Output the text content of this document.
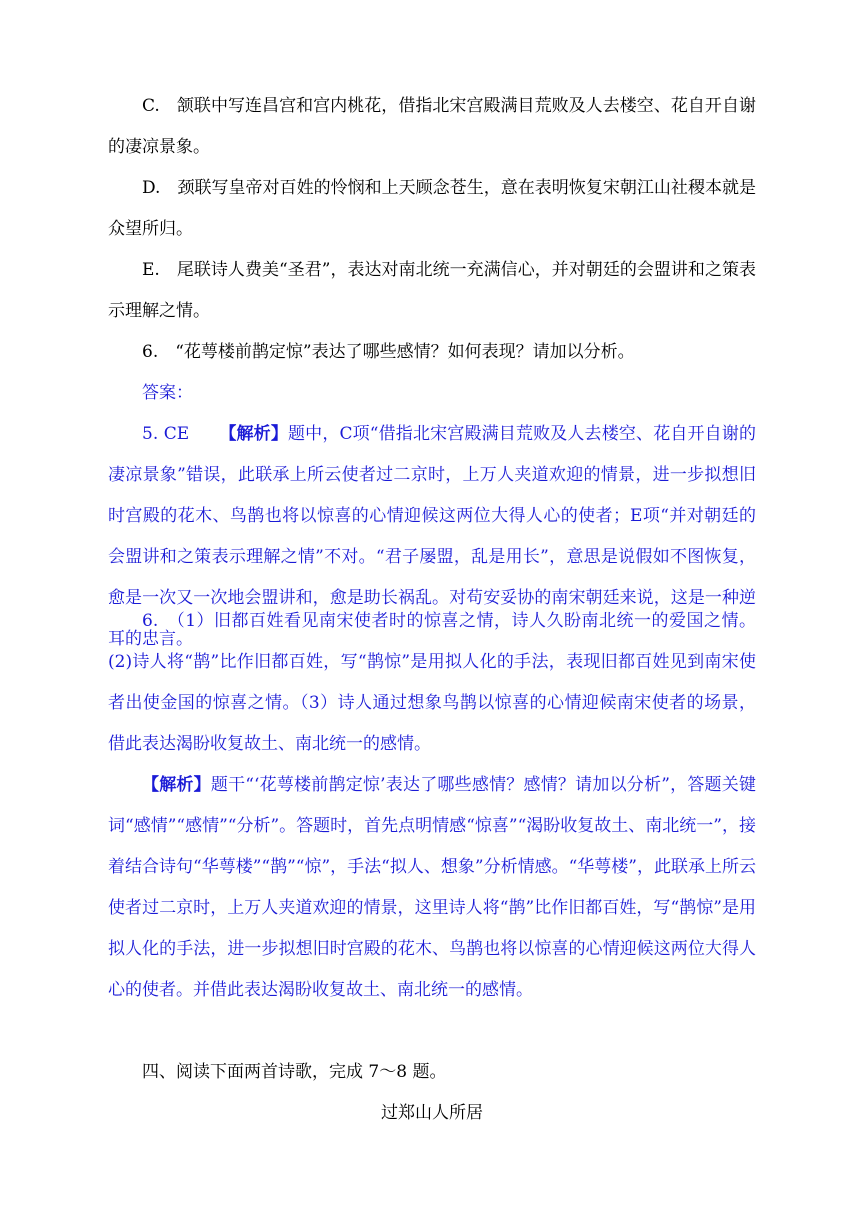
C.　颔联中写连昌宫和宫内桃花，借指北宋宫殿满目荒败及人去楼空、花自开自谢的凄凉景象。

D.　颈联写皇帝对百姓的怜悯和上天顾念苍生，意在表明恢复宋朝江山社稷本就是众望所归。

E.　尾联诗人费美“圣君”，表达对南北统一充满信心，并对朝廷的会盟讲和之策表示理解之情。

6.　“花萼楼前鹊定惊”表达了哪些感情？如何表现？请加以分析。

答案：

5. CE 【解析】题中，C项“借指北宋宫殿满目荒败及人去楼空、花自开自谢的凄凉景象”错误，此联承上所云使者过二京时，上万人夹道欢迎的情景，进一步拟想旧时宫殿的花木、鸟鹊也将以惊喜的心情迎候这两位大得人心的使者；E项“并对朝廷的会盟讲和之策表示理解之情”不对。“君子屡盟，乱是用长”，意思是说假如不图恢复，愈是一次又一次地会盟讲和，愈是助长祸乱。对苟安妥协的南宋朝廷来说，这是一种逆耳的忠言。

6.　（1）旧都百姓看见南宋使者时的惊喜之情，诗人久盼南北统一的爱国之情。(2)诗人将“鹊”比作旧都百姓，写“鹊惊”是用拟人化的手法，表现旧都百姓见到南宋使者出使金国的惊喜之情。（3）诗人通过想象鸟鹊以惊喜的心情迎候南宋使者的场景，借此表达渴盼收复故土、南北统一的感情。

【解析】题干“‘花萼楼前鹊定惊’表达了哪些感情？感情？请加以分析”，答题关键词“感情”“感情”“分析”。答题时，首先点明情感“惊喜”“渴盼收复故土、南北统一”，接着结合诗句“华萼楼”“鹊”“惊”，手法“拟人、想象”分析情感。“华萼楼”，此联承上所云使者过二京时，上万人夹道欢迎的情景，这里诗人将“鹊”比作旧都百姓，写“鹊惊”是用拟人化的手法，进一步拟想旧时宫殿的花木、鸟鹊也将以惊喜的心情迎候这两位大得人心的使者。并借此表达渴盼收复故土、南北统一的感情。

四、阅读下面两首诗歌，完成 7～8 题。

过郑山人所居
